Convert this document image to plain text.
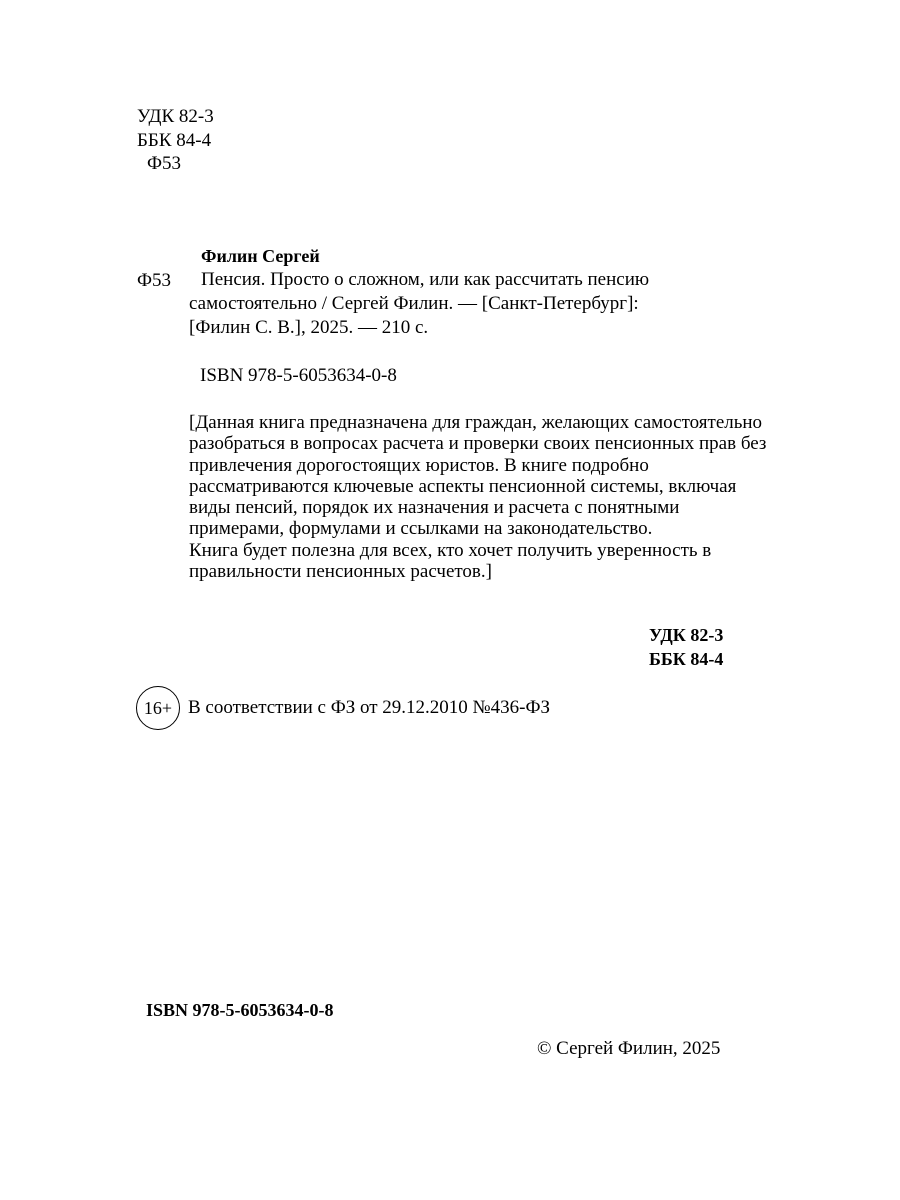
УДК 82-3
ББК 84-4
Ф53
Филин Сергей
Ф53	Пенсия. Просто о сложном, или как рассчитать пенсию
самостоятельно / Сергей Филин. — [Санкт-Петербург]:
[Филин С. В.], 2025. — 210 с.
ISBN 978-5-6053634-0-8

[Данная книга предназначена для граждан, желающих самостоятельно разобраться в вопросах расчета и проверки своих пенсионных прав без привлечения дорогостоящих юристов. В книге подробно рассматриваются ключевые аспекты пенсионной системы, включая виды пенсий, порядок их назначения и расчета с понятными примерами, формулами и ссылками на законодательство.

Книга будет полезна для всех, кто хочет получить уверенность в правильности пенсионных расчетов.]

УДК 82-3
ББК 84-4
16+ В соответствии с ФЗ от 29.12.2010 №436-ФЗ
ISBN 978-5-6053634-0-8
© Сергей Филин, 2025
